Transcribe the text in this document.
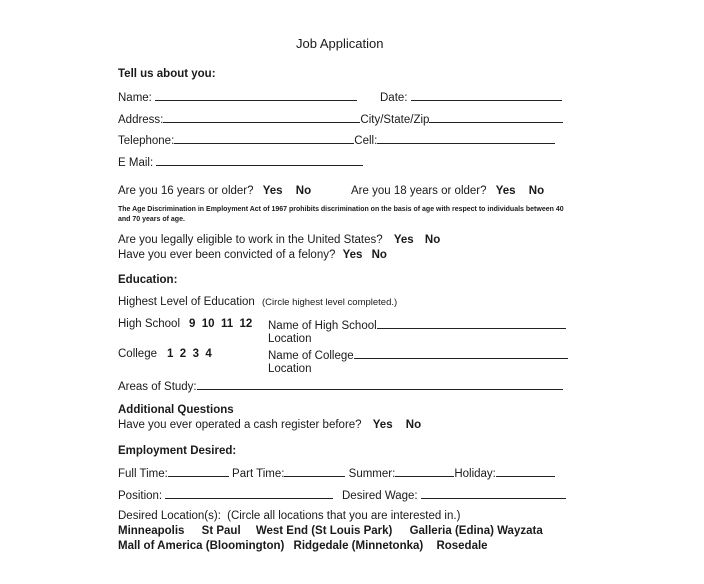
Job Application
Tell us about you:
Name:	Date:
Address:	City/State/Zip
Telephone:	Cell:
E Mail:
Are you 16 years or older? Yes No	Are you 18 years or older? Yes No
The Age Discrimination in Employment Act of 1967 prohibits discrimination on the basis of age with respect to individuals between 40 and 70 years of age.
Are you legally eligible to work in the United States? Yes No
Have you ever been convicted of a felony? Yes No
Education:
Highest Level of Education (Circle highest level completed.)
High School 9  10  11  12 Name of High School
Location
College 1  2  3  4	Name of College
Location
Areas of Study:
Additional Questions
Have you ever operated a cash register before? Yes No
Employment Desired:
Full Time:	Part Time:	Summer:	Holiday:
Position:	Desired Wage:
Desired Location(s): (Circle all locations that you are interested in.)
Minneapolis St Paul West End (St Louis Park) Galleria (Edina) Wayzata
Mall of America (Bloomington) Ridgedale (Minnetonka) Rosedale
